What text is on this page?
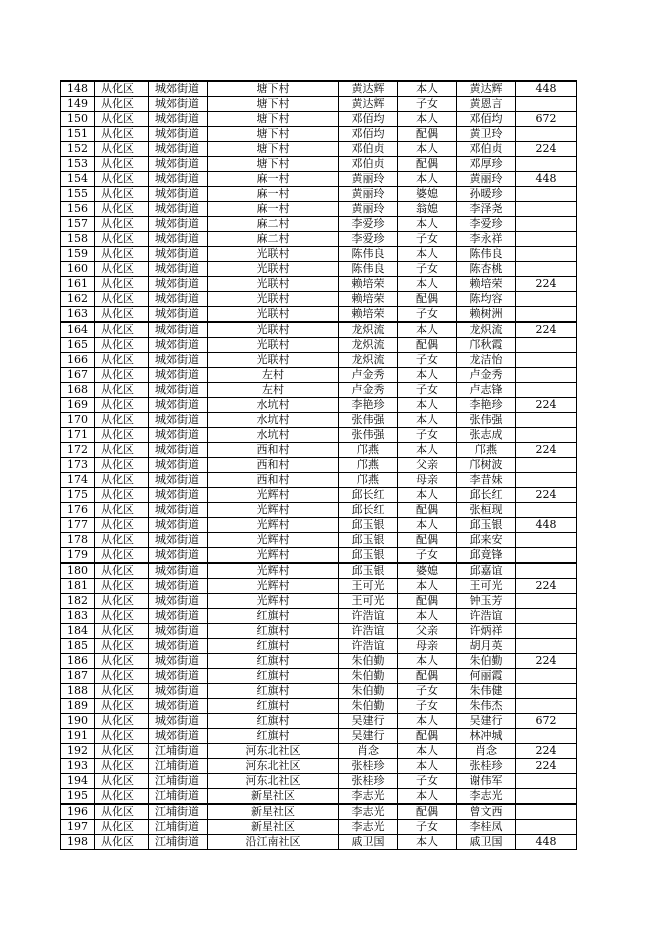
148	从化区	城郊街道	塘下村	黄达辉	本人	黄达辉	448
149	从化区	城郊街道	塘下村	黄达辉	子女	黄恩言	
150	从化区	城郊街道	塘下村	邓佰均	本人	邓佰均	672
151	从化区	城郊街道	塘下村	邓佰均	配偶	黄卫玲	
152	从化区	城郊街道	塘下村	邓伯贞	本人	邓伯贞	224
153	从化区	城郊街道	塘下村	邓伯贞	配偶	邓厚珍	
154	从化区	城郊街道	麻一村	黄丽玲	本人	黄丽玲	448
155	从化区	城郊街道	麻一村	黄丽玲	婆媳	孙暖珍	
156	从化区	城郊街道	麻一村	黄丽玲	翁媳	李泽尧	
157	从化区	城郊街道	麻二村	李爱珍	本人	李爱珍	
158	从化区	城郊街道	麻二村	李爱珍	子女	李永祥	
159	从化区	城郊街道	光联村	陈伟良	本人	陈伟良	
160	从化区	城郊街道	光联村	陈伟良	子女	陈杏桃	
161	从化区	城郊街道	光联村	赖培荣	本人	赖培荣	224
162	从化区	城郊街道	光联村	赖培荣	配偶	陈均容	
163	从化区	城郊街道	光联村	赖培荣	子女	赖树洲	
164	从化区	城郊街道	光联村	龙炽流	本人	龙炽流	224
165	从化区	城郊街道	光联村	龙炽流	配偶	邝秋霞	
166	从化区	城郊街道	光联村	龙炽流	子女	龙洁怡	
167	从化区	城郊街道	左村	卢金秀	本人	卢金秀	
168	从化区	城郊街道	左村	卢金秀	子女	卢志锋	
169	从化区	城郊街道	水坑村	李艳珍	本人	李艳珍	224
170	从化区	城郊街道	水坑村	张伟强	本人	张伟强	
171	从化区	城郊街道	水坑村	张伟强	子女	张志成	
172	从化区	城郊街道	西和村	邝燕	本人	邝燕	224
173	从化区	城郊街道	西和村	邝燕	父亲	邝树波	
174	从化区	城郊街道	西和村	邝燕	母亲	李昔妹	
175	从化区	城郊街道	光辉村	邱长红	本人	邱长红	224
176	从化区	城郊街道	光辉村	邱长红	配偶	张桓现	
177	从化区	城郊街道	光辉村	邱玉银	本人	邱玉银	448
178	从化区	城郊街道	光辉村	邱玉银	配偶	邱来安	
179	从化区	城郊街道	光辉村	邱玉银	子女	邱竟锋	
180	从化区	城郊街道	光辉村	邱玉银	婆媳	邱嘉谊	
181	从化区	城郊街道	光辉村	王可光	本人	王可光	224
182	从化区	城郊街道	光辉村	王可光	配偶	钟玉芳	
183	从化区	城郊街道	红旗村	许浩谊	本人	许浩谊	
184	从化区	城郊街道	红旗村	许浩谊	父亲	许炳祥	
185	从化区	城郊街道	红旗村	许浩谊	母亲	胡月英	
186	从化区	城郊街道	红旗村	朱伯勤	本人	朱伯勤	224
187	从化区	城郊街道	红旗村	朱伯勤	配偶	何丽霞	
188	从化区	城郊街道	红旗村	朱伯勤	子女	朱伟健	
189	从化区	城郊街道	红旗村	朱伯勤	子女	朱伟杰	
190	从化区	城郊街道	红旗村	吴建行	本人	吴建行	672
191	从化区	城郊街道	红旗村	吴建行	配偶	林冲城	
192	从化区	江埔街道	河东北社区	肖念	本人	肖念	224
193	从化区	江埔街道	河东北社区	张桂珍	本人	张桂珍	224
194	从化区	江埔街道	河东北社区	张桂珍	子女	谢伟军	
195	从化区	江埔街道	新星社区	李志光	本人	李志光	
196	从化区	江埔街道	新星社区	李志光	配偶	曾文西	
197	从化区	江埔街道	新星社区	李志光	子女	李桂凤	
198	从化区	江埔街道	沿江南社区	戚卫国	本人	戚卫国	448
